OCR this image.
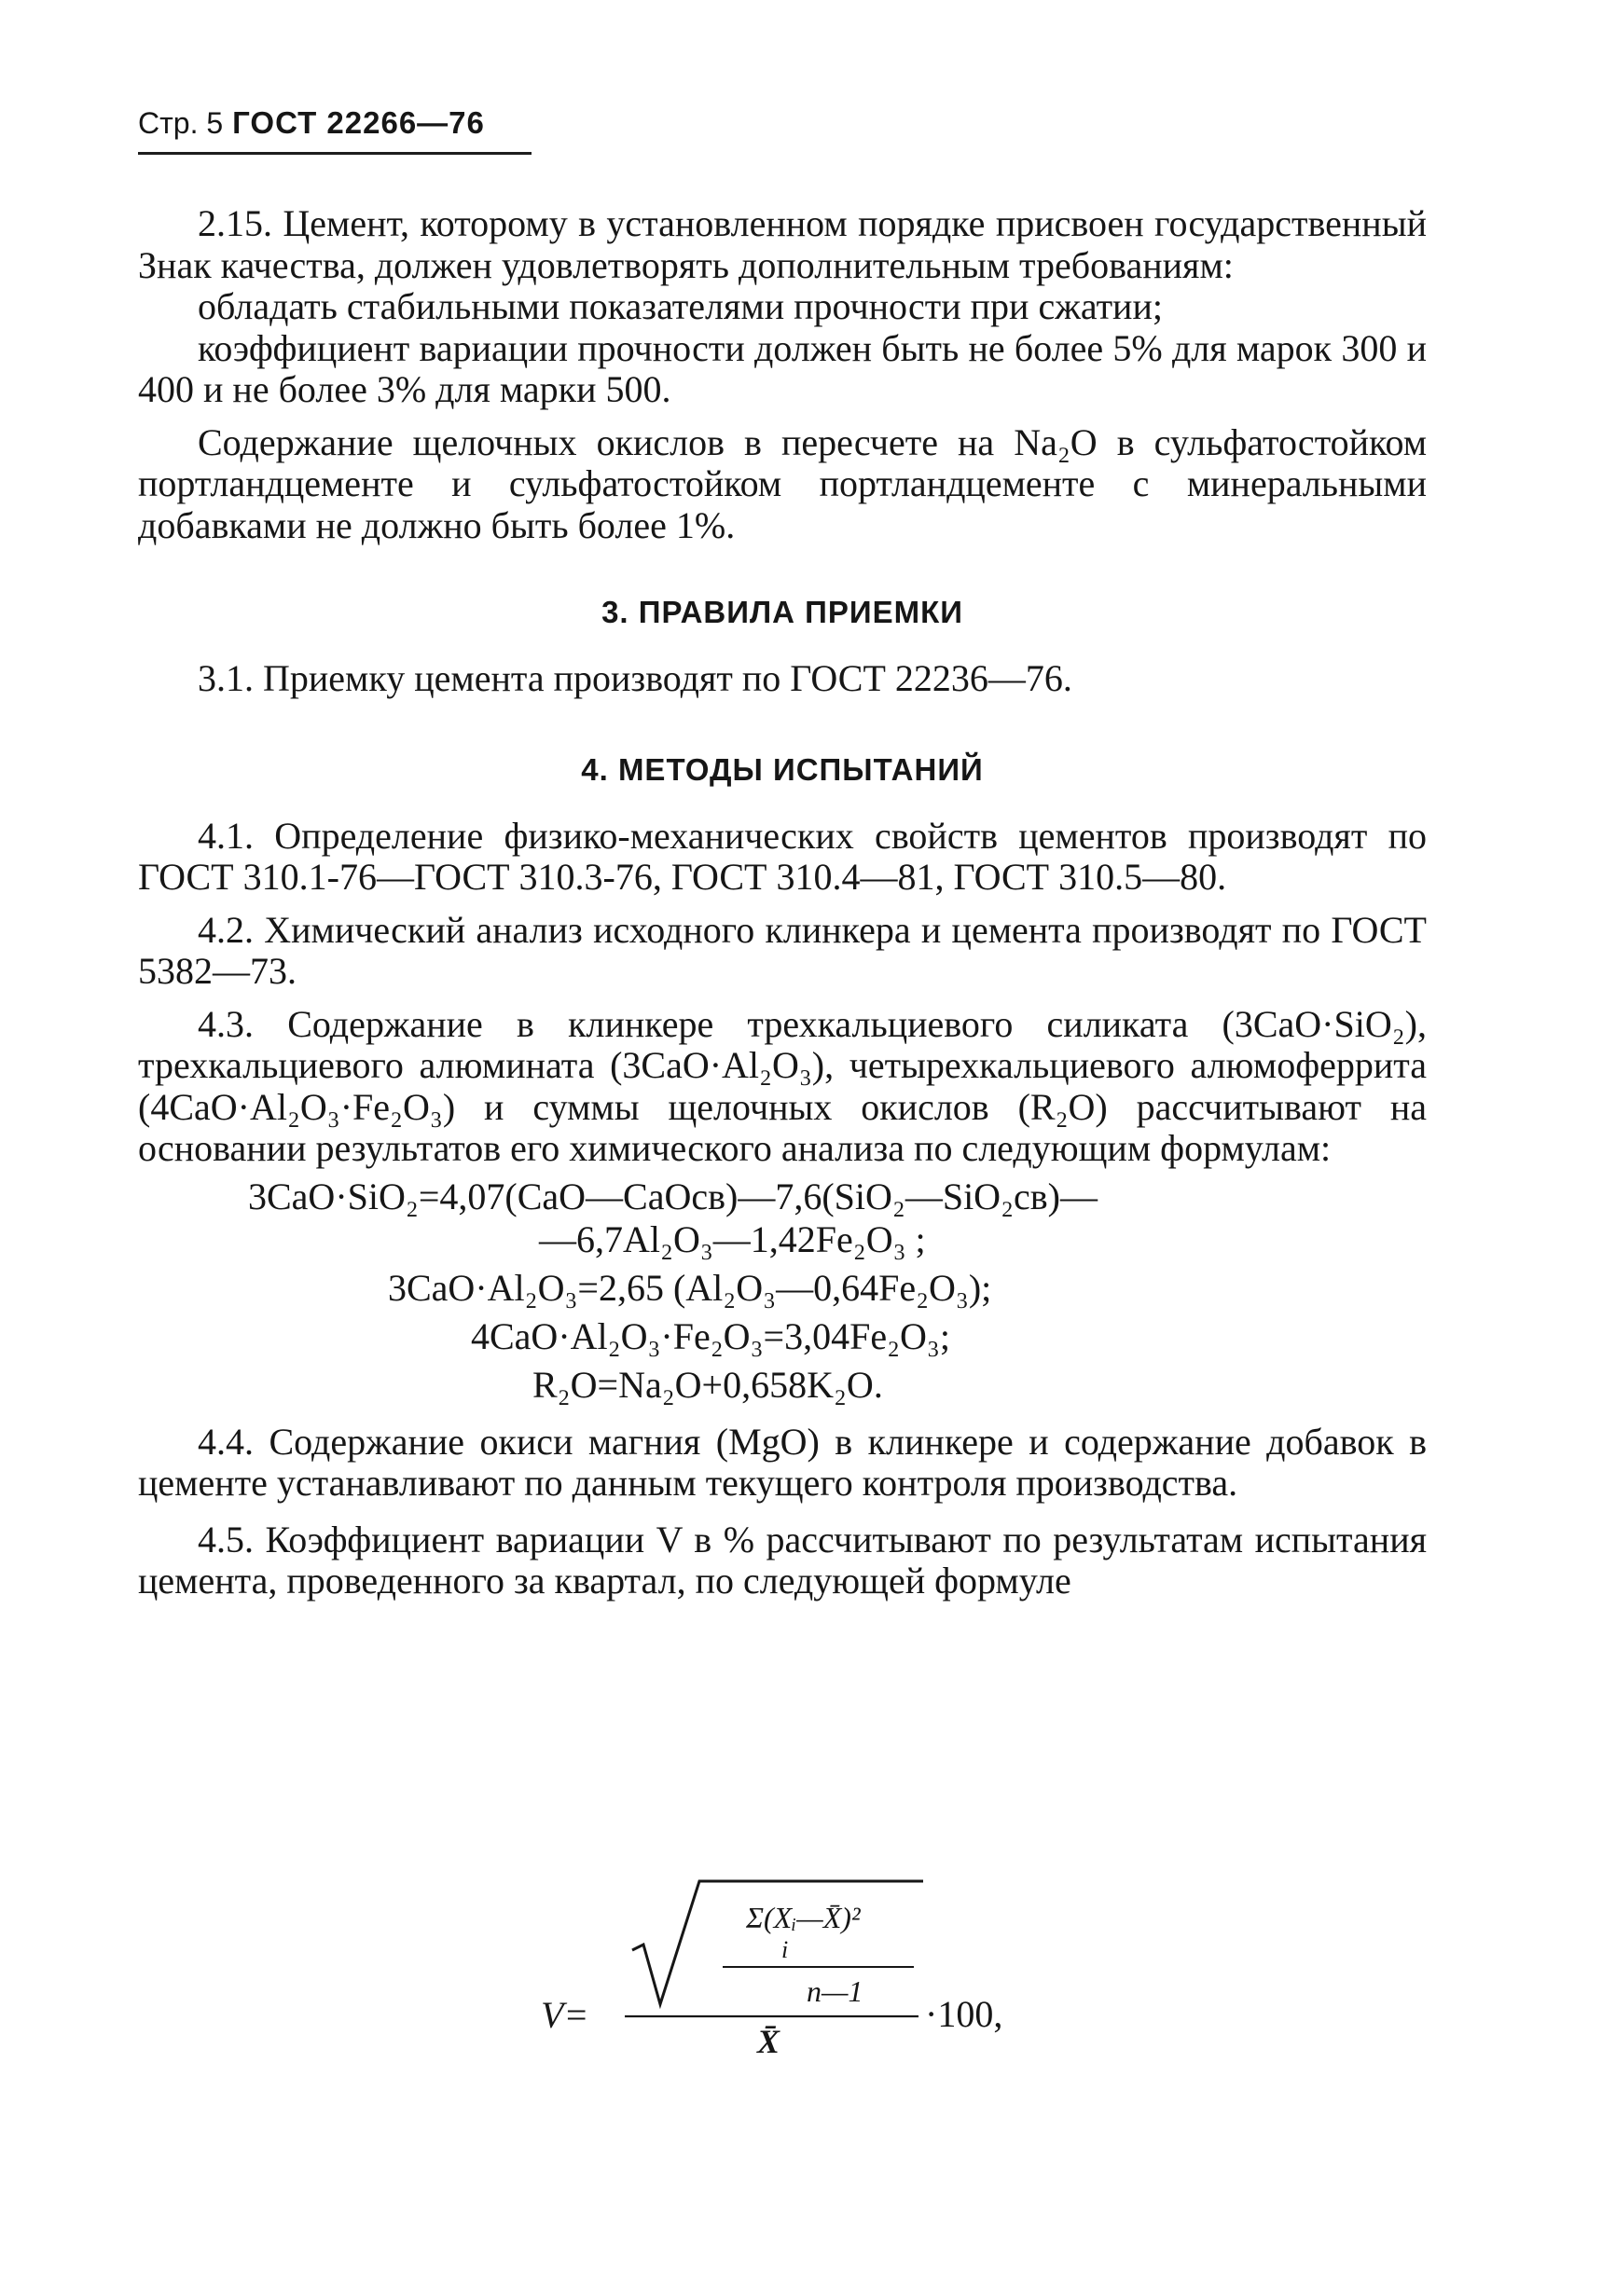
Стр. 5 ГОСТ 22266—76

2.15. Цемент, которому в установленном порядке присвоен государственный Знак качества, должен удовлетворять дополнительным требованиям:

обладать стабильными показателями прочности при сжатии;

коэффициент вариации прочности должен быть не более 5% для марок 300 и 400 и не более 3% для марки 500.

Содержание щелочных окислов в пересчете на Na₂O в сульфатостойком портландцементе и сульфатостойком портландцементе с минеральными добавками не должно быть более 1%.

3. ПРАВИЛА ПРИЕМКИ

3.1. Приемку цемента производят по ГОСТ 22236—76.

4. МЕТОДЫ ИСПЫТАНИЙ

4.1. Определение физико-механических свойств цементов производят по ГОСТ 310.1-76—ГОСТ 310.3-76, ГОСТ 310.4—81, ГОСТ 310.5—80.

4.2. Химический анализ исходного клинкера и цемента производят по ГОСТ 5382—73.

4.3. Содержание в клинкере трехкальциевого силиката (3CaO·SiO₂), трехкальциевого алюмината (3CaO·Al₂O₃), четырехкальциевого алюмоферрита (4CaO·Al₂O₃·Fe₂O₃) и суммы щелочных окислов (R₂O) рассчитывают на основании результатов его химического анализа по следующим формулам:

3CaO·SiO₂=4,07(CaO—CaOсв)—7,6(SiO₂—SiO₂св)—
—6,7Al₂O₃—1,42Fe₂O₃ ;
3CaO·Al₂O₃=2,65 (Al₂O₃—0,64Fe₂O₃);
4CaO·Al₂O₃·Fe₂O₃=3,04Fe₂O₃;
R₂O=Na₂O+0,658K₂O.

4.4. Содержание окиси магния (MgO) в клинкере и содержание добавок в цементе устанавливают по данным текущего контроля производства.

4.5. Коэффициент вариации V в % рассчитывают по результатам испытания цемента, проведенного за квартал, по следующей формуле

V=
Σ(Xᵢ—X̄)²
i
n—1
X̄
·100,
